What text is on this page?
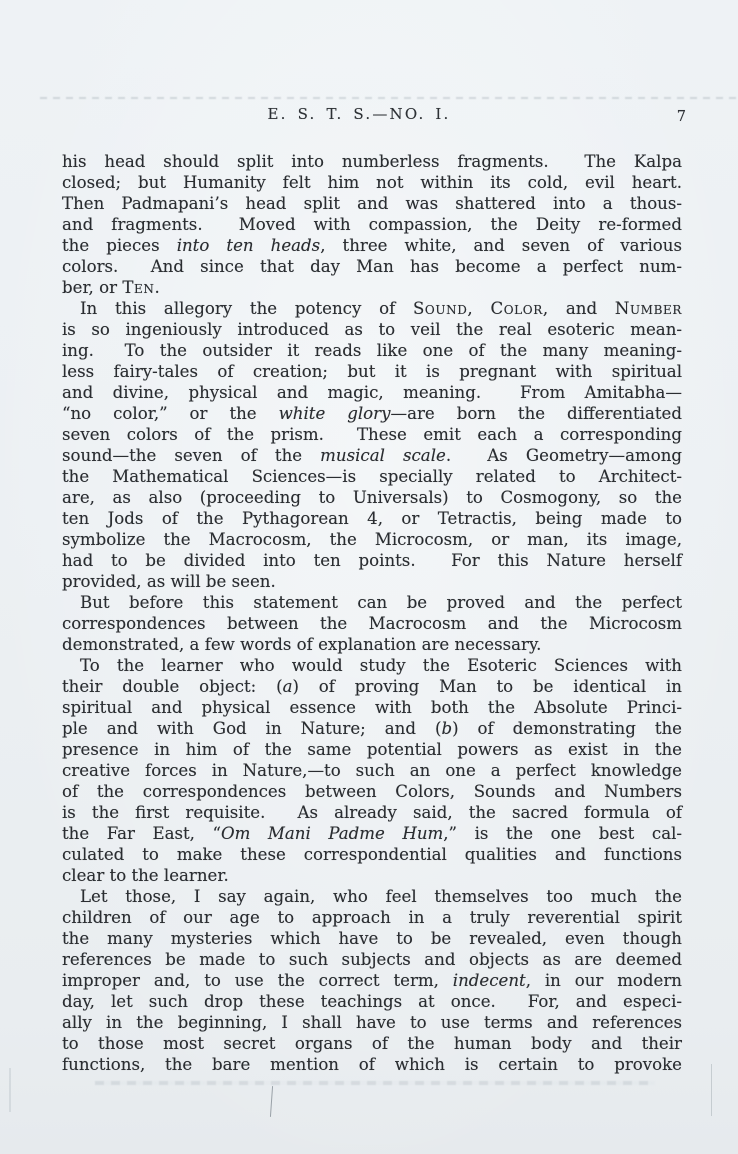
E. S. T. S.—NO. I.	7
his head should split into numberless fragments.  The Kalpa
closed; but Humanity felt him not within its cold, evil heart.
Then Padmapani’s head split and was shattered into a thous-
and fragments.  Moved with compassion, the Deity re-formed
the pieces into ten heads, three white, and seven of various
colors.  And since that day Man has become a perfect num-
ber, or Ten.
In this allegory the potency of Sound, Color, and Number
is so ingeniously introduced as to veil the real esoteric mean-
ing.  To the outsider it reads like one of the many meaning-
less fairy-tales of creation; but it is pregnant with spiritual
and divine, physical and magic, meaning.  From Amitabha—
“no color,” or the white glory—are born the differentiated
seven colors of the prism.  These emit each a corresponding
sound—the seven of the musical scale.  As Geometry—among
the Mathematical Sciences—is specially related to Architect-
are, as also (proceeding to Universals) to Cosmogony, so the
ten Jods of the Pythagorean 4, or Tetractis, being made to
symbolize the Macrocosm, the Microcosm, or man, its image,
had to be divided into ten points.  For this Nature herself
provided, as will be seen.
But before this statement can be proved and the perfect
correspondences between the Macrocosm and the Microcosm
demonstrated, a few words of explanation are necessary.
To the learner who would study the Esoteric Sciences with
their double object: (a) of proving Man to be identical in
spiritual and physical essence with both the Absolute Princi-
ple and with God in Nature; and (b) of demonstrating the
presence in him of the same potential powers as exist in the
creative forces in Nature,—to such an one a perfect knowledge
of the correspondences between Colors, Sounds and Numbers
is the first requisite.  As already said, the sacred formula of
the Far East, “Om Mani Padme Hum,” is the one best cal-
culated to make these correspondential qualities and functions
clear to the learner.
Let those, I say again, who feel themselves too much the
children of our age to approach in a truly reverential spirit
the many mysteries which have to be revealed, even though
references be made to such subjects and objects as are deemed
improper and, to use the correct term, indecent, in our modern
day, let such drop these teachings at once.  For, and especi-
ally in the beginning, I shall have to use terms and references
to those most secret organs of the human body and their
functions, the bare mention of which is certain to provoke
